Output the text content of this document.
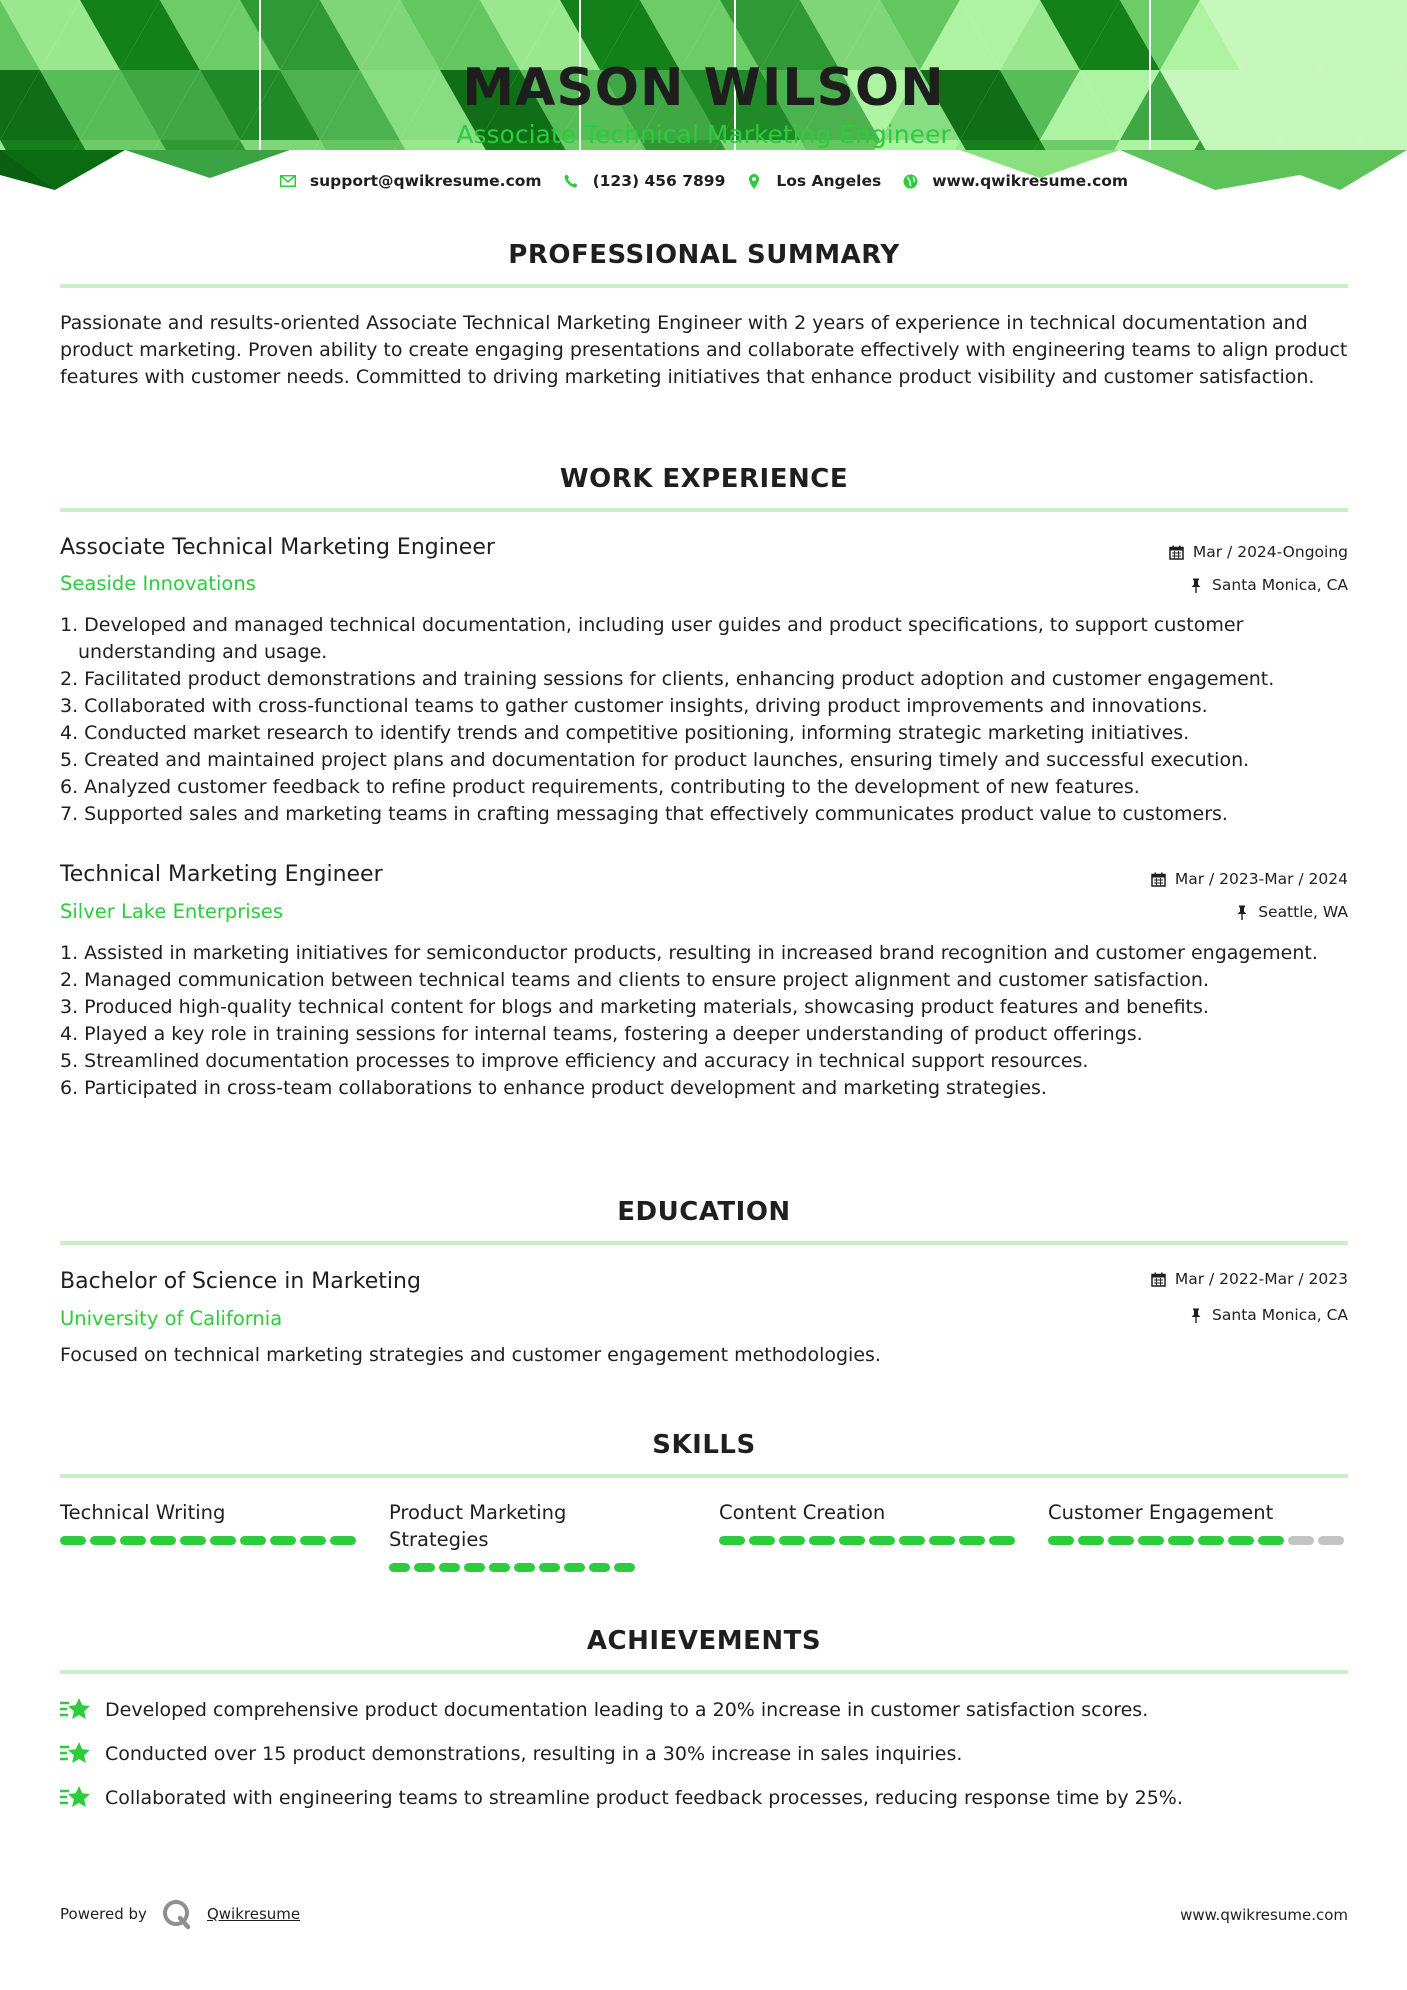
MASON WILSON
Associate Technical Marketing Engineer
support@qwikresume.com	(123) 456 7899	Los Angeles	www.qwikresume.com
PROFESSIONAL SUMMARY
Passionate and results-oriented Associate Technical Marketing Engineer with 2 years of experience in technical documentation and product marketing. Proven ability to create engaging presentations and collaborate effectively with engineering teams to align product features with customer needs. Committed to driving marketing initiatives that enhance product visibility and customer satisfaction.
WORK EXPERIENCE
Associate Technical Marketing Engineer
Seaside Innovations
Mar / 2024-Ongoing
Santa Monica, CA
1. Developed and managed technical documentation, including user guides and product specifications, to support customer understanding and usage.
2. Facilitated product demonstrations and training sessions for clients, enhancing product adoption and customer engagement.
3. Collaborated with cross-functional teams to gather customer insights, driving product improvements and innovations.
4. Conducted market research to identify trends and competitive positioning, informing strategic marketing initiatives.
5. Created and maintained project plans and documentation for product launches, ensuring timely and successful execution.
6. Analyzed customer feedback to refine product requirements, contributing to the development of new features.
7. Supported sales and marketing teams in crafting messaging that effectively communicates product value to customers.
Technical Marketing Engineer
Silver Lake Enterprises
Mar / 2023-Mar / 2024
Seattle, WA
1. Assisted in marketing initiatives for semiconductor products, resulting in increased brand recognition and customer engagement.
2. Managed communication between technical teams and clients to ensure project alignment and customer satisfaction.
3. Produced high-quality technical content for blogs and marketing materials, showcasing product features and benefits.
4. Played a key role in training sessions for internal teams, fostering a deeper understanding of product offerings.
5. Streamlined documentation processes to improve efficiency and accuracy in technical support resources.
6. Participated in cross-team collaborations to enhance product development and marketing strategies.
EDUCATION
Bachelor of Science in Marketing
University of California
Mar / 2022-Mar / 2023
Santa Monica, CA
Focused on technical marketing strategies and customer engagement methodologies.
SKILLS
Technical Writing	Product Marketing Strategies
Content Creation	Customer Engagement
ACHIEVEMENTS
Developed comprehensive product documentation leading to a 20% increase in customer satisfaction scores.
Conducted over 15 product demonstrations, resulting in a 30% increase in sales inquiries.
Collaborated with engineering teams to streamline product feedback processes, reducing response time by 25%.
Powered by	Qwikresume	www.qwikresume.com
